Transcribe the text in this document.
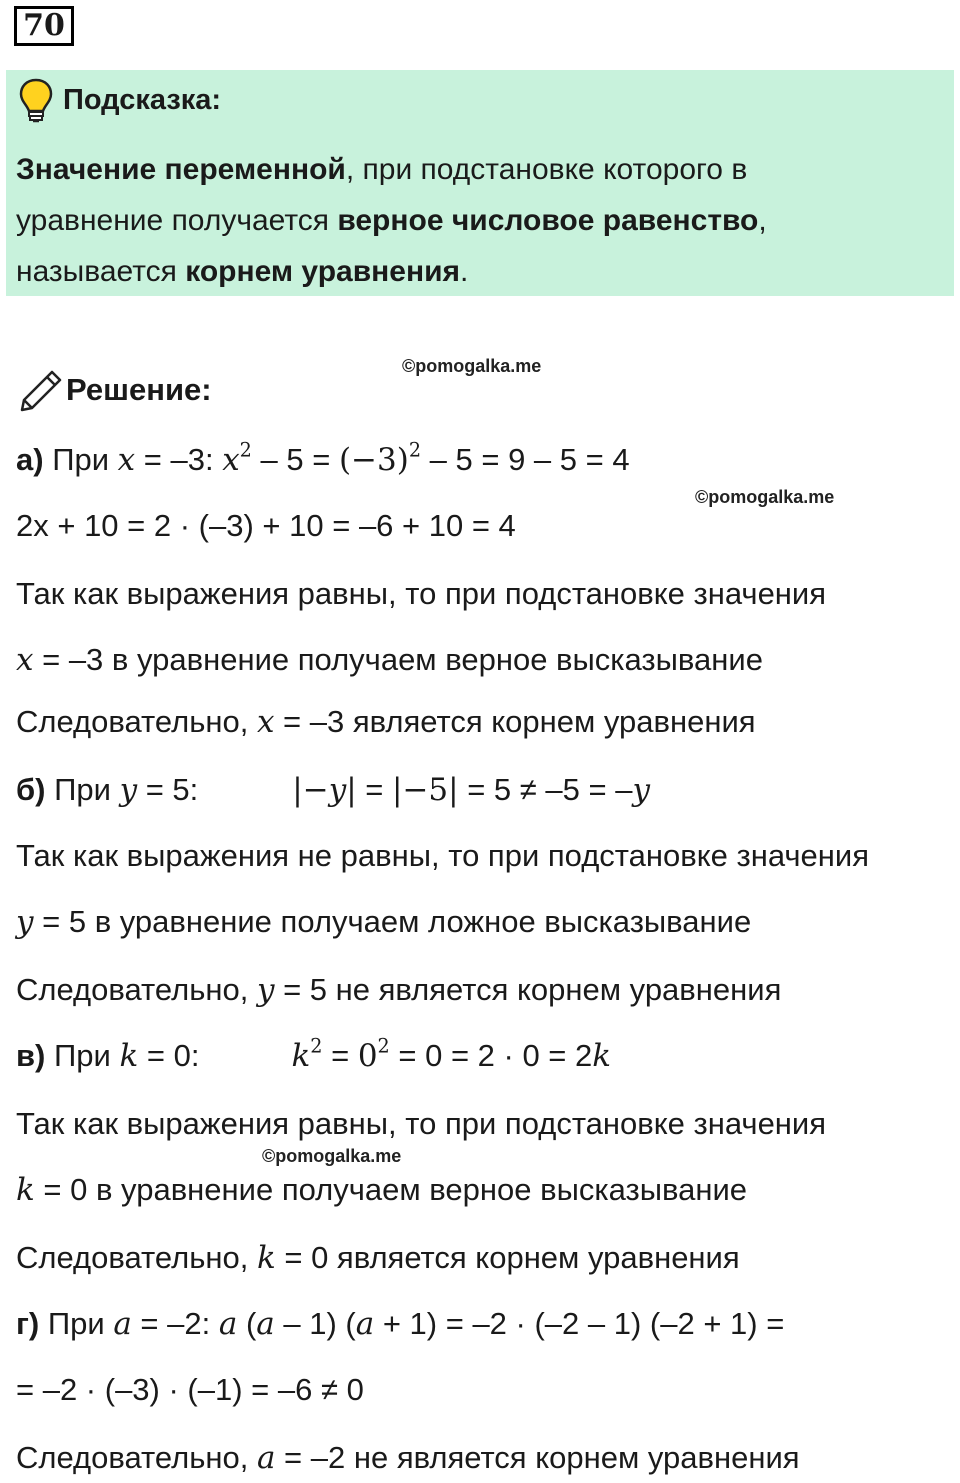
70
Подсказка:
Значение переменной, при подстановке которого в
уравнение получается верное числовое равенство,
называется корнем уравнения.
©pomogalka.me
©pomogalka.me
©pomogalka.me
Решение:
а) При x = –3: $x^2 - 5 = (-3)^2 - 5 = 9 - 5 = 4$
2x + 10 = 2 · (–3) + 10 = –6 + 10 = 4
Так как выражения равны, то при подстановке значения
x = –3 в уравнение получаем верное высказывание
Следовательно, x = –3 является корнем уравнения
б) При y = 5:	|−y| = |−5| = 5 ≠ –5 = –y
Так как выражения не равны, то при подстановке значения
y = 5 в уравнение получаем ложное высказывание
Следовательно, y = 5 не является корнем уравнения
в) При k = 0:	$k^2 = 0^2 = 0 = 2 \cdot 0 = 2k$
Так как выражения равны, то при подстановке значения
k = 0 в уравнение получаем верное высказывание
Следовательно, k = 0 является корнем уравнения
г) При a = –2: a (a – 1) (a + 1) = –2 · (–2 – 1) (–2 + 1) =
= –2 · (–3) · (–1) = –6 ≠ 0
Следовательно, a = –2 не является корнем уравнения
